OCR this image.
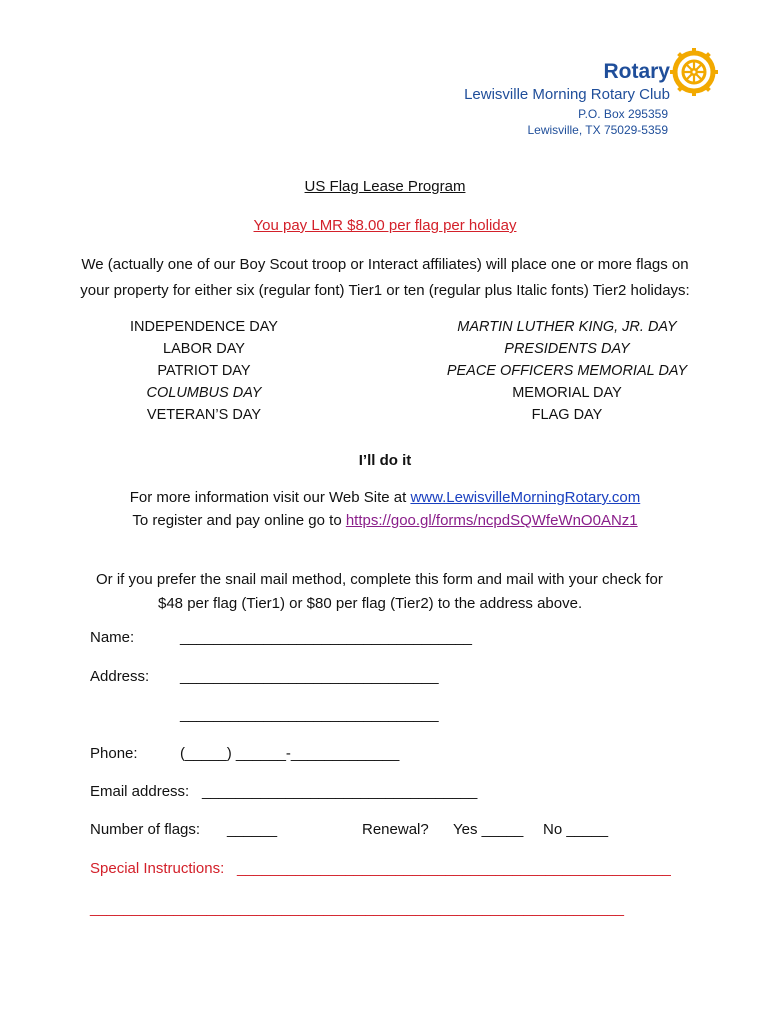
Rotary
Lewisville Morning Rotary Club
P.O. Box 295359
Lewisville, TX 75029-5359
US Flag Lease Program
You pay LMR $8.00 per flag per holiday
We (actually one of our Boy Scout troop or Interact affiliates) will place one or more flags on
your property for either six (regular font) Tier1 or ten (regular plus Italic fonts) Tier2 holidays:
INDEPENDENCE DAY
LABOR DAY
PATRIOT DAY
COLUMBUS DAY
VETERAN’S DAY
MARTIN LUTHER KING, JR. DAY
PRESIDENTS DAY
PEACE OFFICERS MEMORIAL DAY
MEMORIAL DAY
FLAG DAY
I’ll do it
For more information visit our Web Site at www.LewisvilleMorningRotary.com
To register and pay online go to https://goo.gl/forms/ncpdSQWfeWnO0ANz1
Or if you prefer the snail mail method, complete this form and mail with your check for
$48 per flag (Tier1) or $80 per flag (Tier2) to the address above.
Name:	___________________________________
Address: _______________________________
_______________________________
Phone:	(_____) ______-_____________
Email address: _________________________________
Number of flags: ______	Renewal? Yes _____ No _____
Special Instructions: ____________________________________________________
________________________________________________________________
